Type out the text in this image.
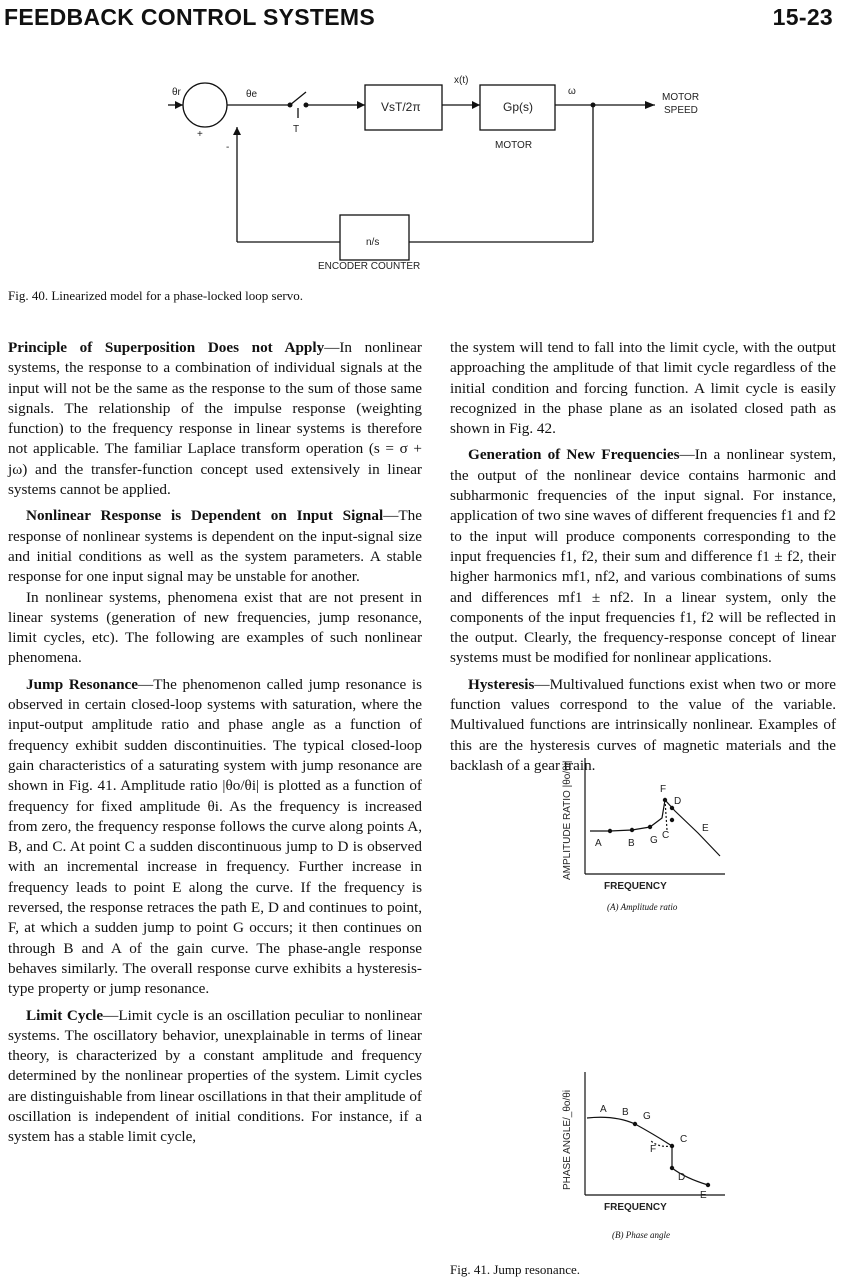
FEEDBACK CONTROL SYSTEMS	15-23
θr	θe
+
-
T
VsT/2π
x(t)
Gp(s)
MOTOR
ω
MOTOR
SPEED
n/s
ENCODER COUNTER
Fig. 40. Linearized model for a phase-locked loop servo.

Principle of Superposition Does not Apply—In nonlinear systems, the response to a combination of individual signals at the input will not be the same as the response to the sum of those same signals. The relationship of the impulse response (weighting function) to the frequency response in linear systems is therefore not applicable. The familiar Laplace transform operation (s = σ + jω) and the transfer-function concept used extensively in linear systems cannot be applied.

Nonlinear Response is Dependent on Input Signal—The response of nonlinear systems is dependent on the input-signal size and initial conditions as well as the system parameters. A stable response for one input signal may be unstable for another.

In nonlinear systems, phenomena exist that are not present in linear systems (generation of new frequencies, jump resonance, limit cycles, etc). The following are examples of such nonlinear phenomena.

Jump Resonance—The phenomenon called jump resonance is observed in certain closed-loop systems with saturation, where the input-output amplitude ratio and phase angle as a function of frequency exhibit sudden discontinuities. The typical closed-loop gain characteristics of a saturating system with jump resonance are shown in Fig. 41. Amplitude ratio |θo/θi| is plotted as a function of frequency for fixed amplitude θi. As the frequency is increased from zero, the frequency response follows the curve along points A, B, and C. At point C a sudden discontinuous jump to D is observed with an incremental increase in frequency. Further increase in frequency leads to point E along the curve. If the frequency is reversed, the response retraces the path E, D and continues to point, F, at which a sudden jump to point G occurs; it then continues on through B and A of the gain curve. The phase-angle response behaves similarly. The overall response curve exhibits a hysteresis-type property or jump resonance.

Limit Cycle—Limit cycle is an oscillation peculiar to nonlinear systems. The oscillatory behavior, unexplainable in terms of linear theory, is characterized by a constant amplitude and frequency determined by the nonlinear properties of the system. Limit cycles are distinguishable from linear oscillations in that their amplitude of oscillation is independent of initial conditions. For instance, if a system has a stable limit cycle,

the system will tend to fall into the limit cycle, with the output approaching the amplitude of that limit cycle regardless of the initial condition and forcing function. A limit cycle is easily recognized in the phase plane as an isolated closed path as shown in Fig. 42.

Generation of New Frequencies—In a nonlinear system, the output of the nonlinear device contains harmonic and subharmonic frequencies of the input signal. For instance, application of two sine waves of different frequencies f1 and f2 to the input will produce components corresponding to the input frequencies f1, f2, their sum and difference f1 ± f2, their higher harmonics mf1, nf2, and various combinations of sums and differences mf1 ± nf2. In a linear system, only the components of the input frequencies f1, f2 will be reflected in the output. Clearly, the frequency-response concept of linear systems must be modified for nonlinear applications.

Hysteresis—Multivalued functions exist when two or more function values correspond to the value of the variable. Multivalued functions are intrinsically nonlinear. Examples of this are the hysteresis curves of magnetic materials and the backlash of a gear train.

AMPLITUDE RATIO |θo/θi|
FREQUENCY
A	B G C
D
E
F
(A) Amplitude ratio
PHASE ANGLE/_θo/θi
FREQUENCY
A B G
C
F
D
E
(B) Phase angle
Fig. 41. Jump resonance.
